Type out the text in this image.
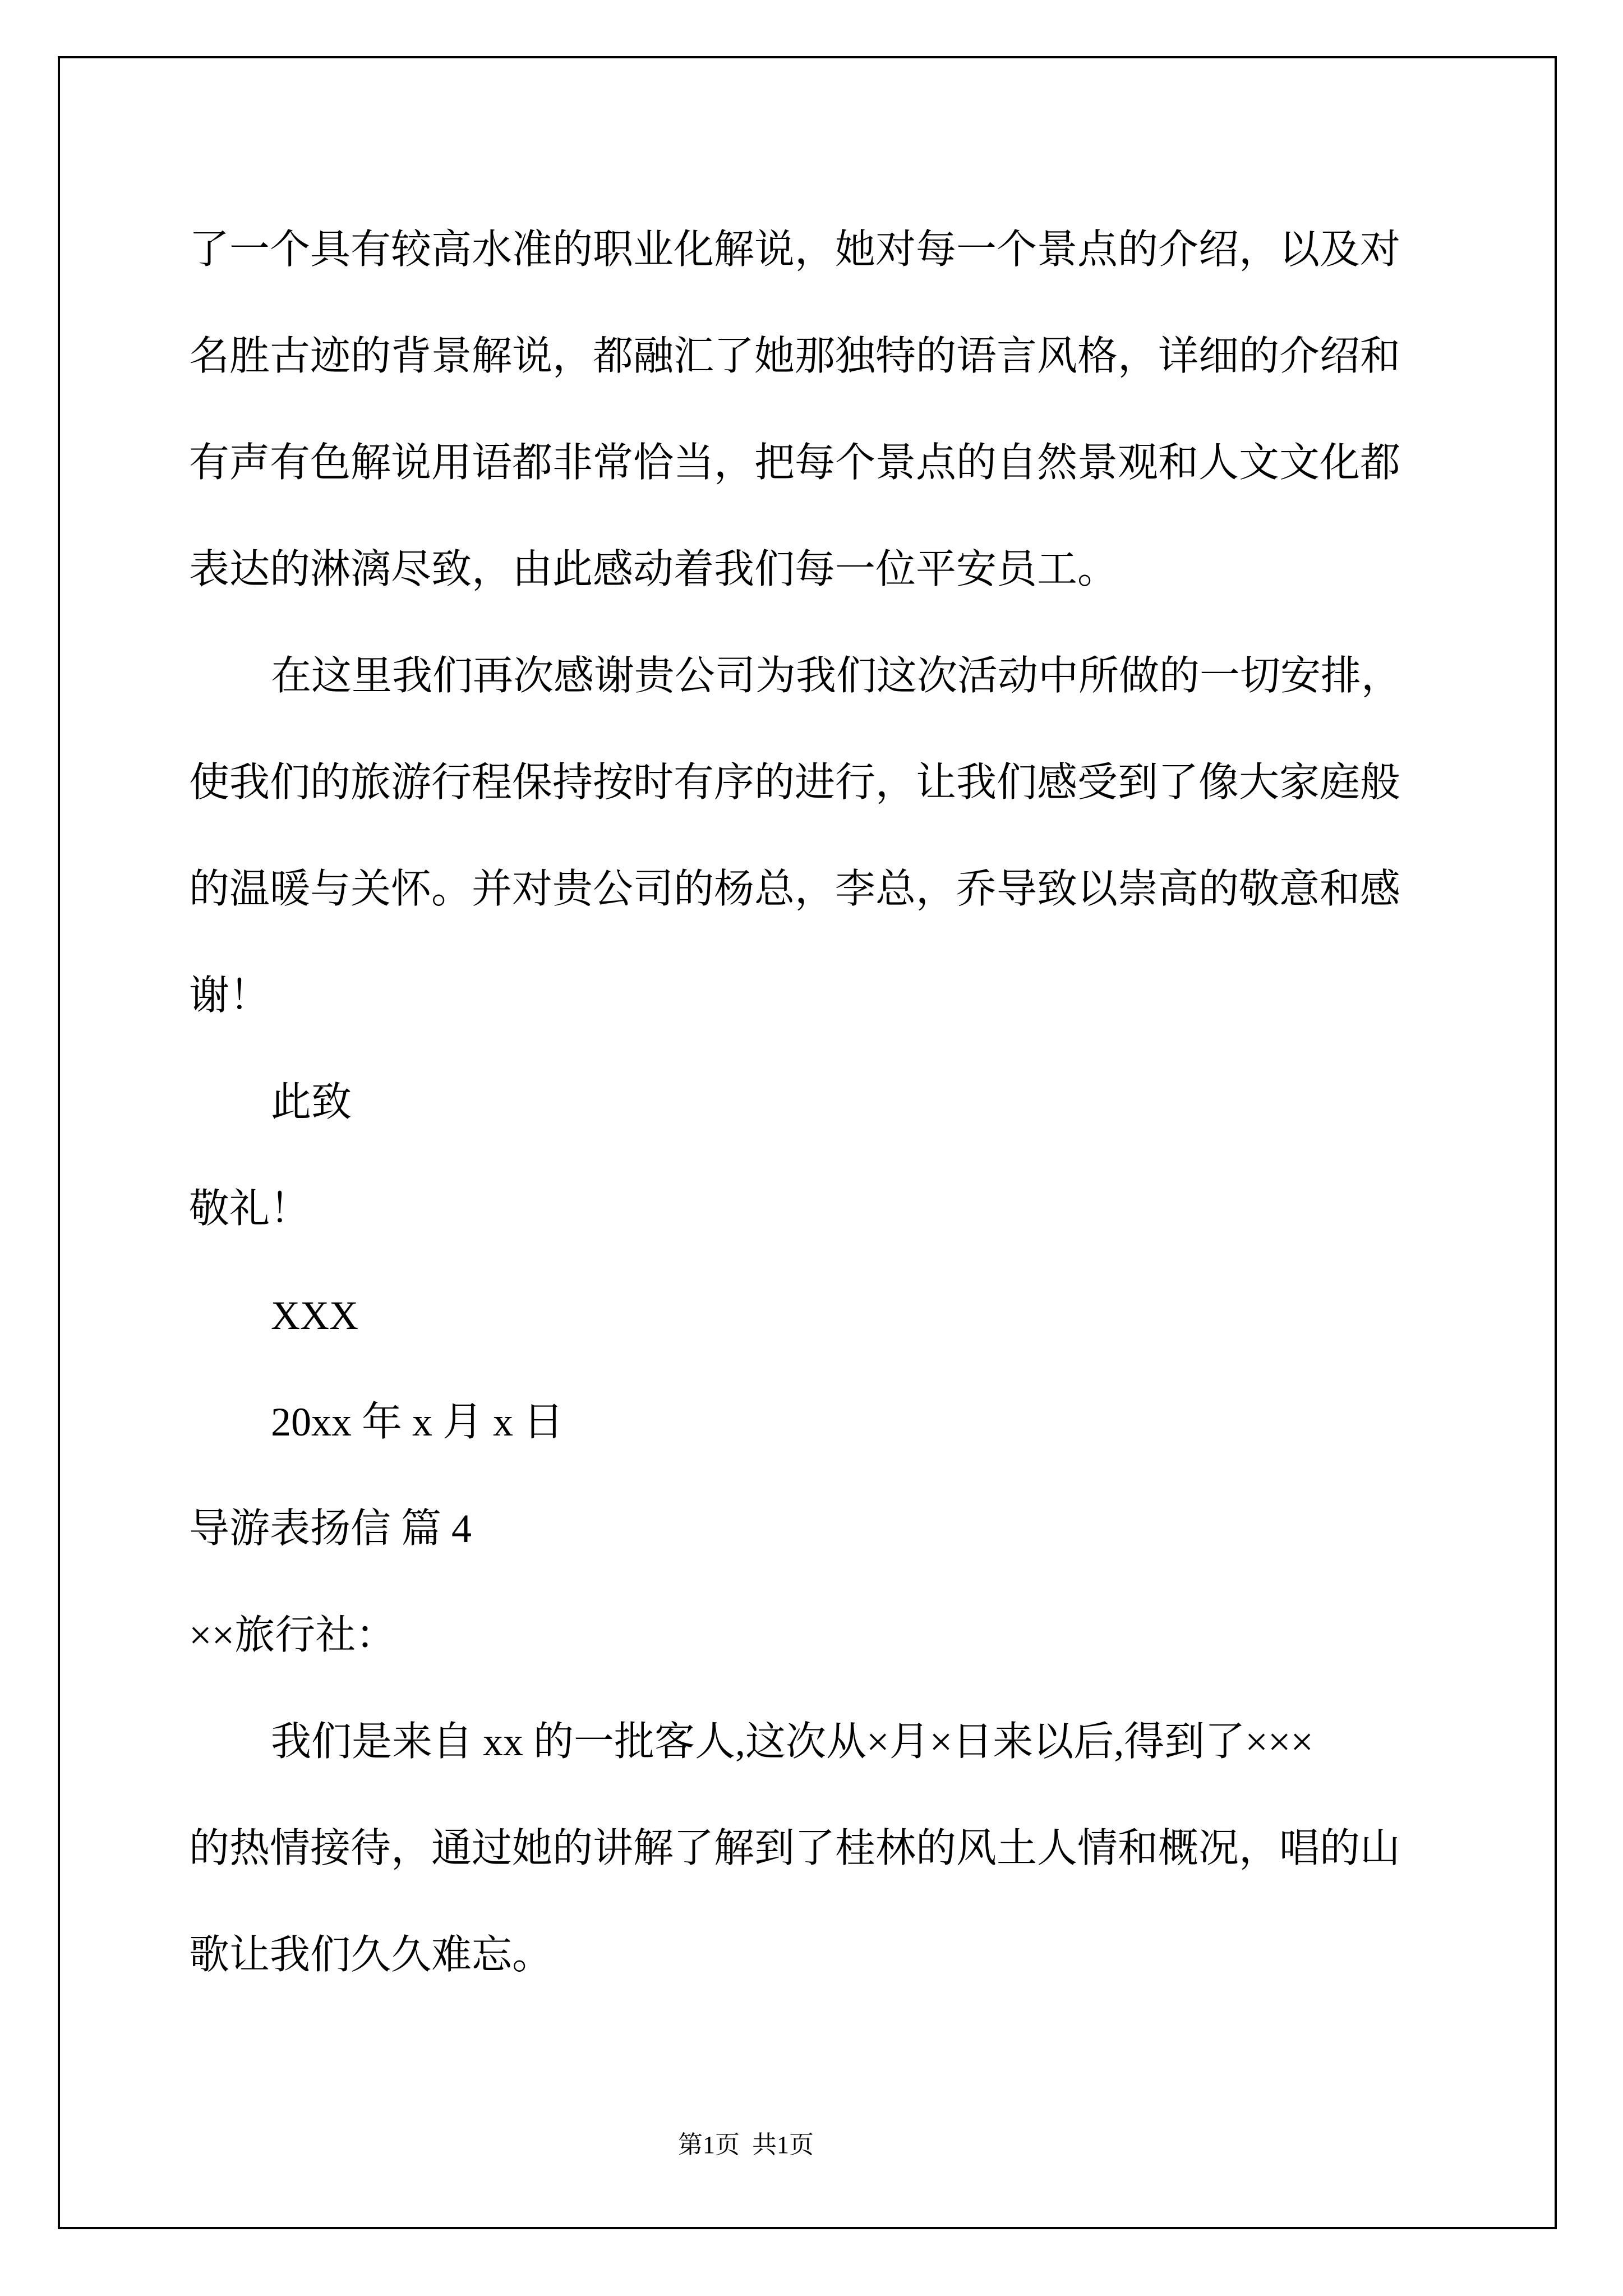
了一个具有较高水准的职业化解说，她对每一个景点的介绍，以及对
名胜古迹的背景解说，都融汇了她那独特的语言风格，详细的介绍和
有声有色解说用语都非常恰当，把每个景点的自然景观和人文文化都
表达的淋漓尽致，由此感动着我们每一位平安员工。
在这里我们再次感谢贵公司为我们这次活动中所做的一切安排，
使我们的旅游行程保持按时有序的进行，让我们感受到了像大家庭般
的温暖与关怀。并对贵公司的杨总，李总，乔导致以崇高的敬意和感
谢！
此致
敬礼！
XXX
20xx 年 x 月 x 日
导游表扬信 篇 4
××旅行社：
我们是来自 xx 的一批客人,这次从×月×日来以后,得到了×××
的热情接待，通过她的讲解了解到了桂林的风土人情和概况，唱的山
歌让我们久久难忘。
第1页  共1页
